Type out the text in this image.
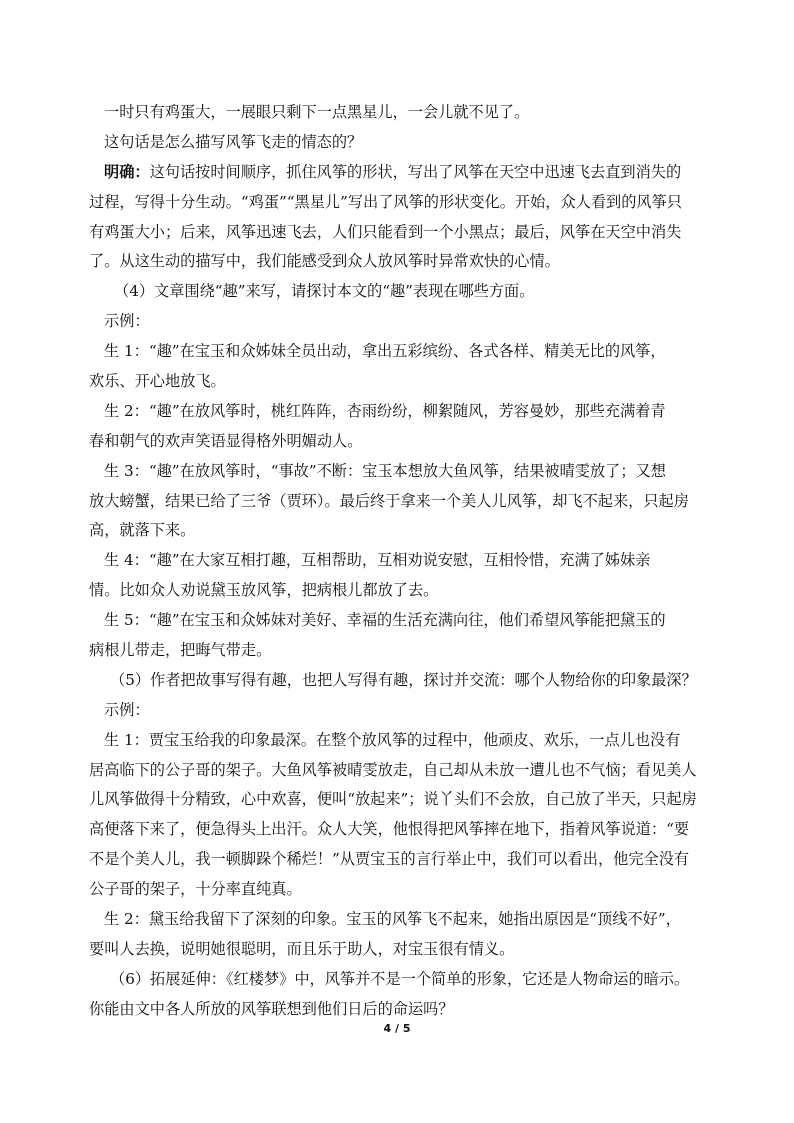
一时只有鸡蛋大，一展眼只剩下一点黑星儿，一会儿就不见了。
这句话是怎么描写风筝飞走的情态的？
明确：这句话按时间顺序，抓住风筝的形状，写出了风筝在天空中迅速飞去直到消失的
过程，写得十分生动。“鸡蛋”“黑星儿”写出了风筝的形状变化。开始，众人看到的风筝只
有鸡蛋大小；后来，风筝迅速飞去，人们只能看到一个小黑点；最后，风筝在天空中消失
了。从这生动的描写中，我们能感受到众人放风筝时异常欢快的心情。
（4）文章围绕“趣”来写，请探讨本文的“趣”表现在哪些方面。
示例：
生 1：“趣”在宝玉和众姊妹全员出动，拿出五彩缤纷、各式各样、精美无比的风筝，
欢乐、开心地放飞。
生 2：“趣”在放风筝时，桃红阵阵，杏雨纷纷，柳絮随风，芳容曼妙，那些充满着青
春和朝气的欢声笑语显得格外明媚动人。
生 3：“趣”在放风筝时，“事故”不断：宝玉本想放大鱼风筝，结果被晴雯放了；又想
放大螃蟹，结果已给了三爷（贾环）。最后终于拿来一个美人儿风筝，却飞不起来，只起房
高，就落下来。
生 4：“趣”在大家互相打趣，互相帮助，互相劝说安慰，互相怜惜，充满了姊妹亲
情。比如众人劝说黛玉放风筝，把病根儿都放了去。
生 5：“趣”在宝玉和众姊妹对美好、幸福的生活充满向往，他们希望风筝能把黛玉的
病根儿带走，把晦气带走。
（5）作者把故事写得有趣，也把人写得有趣，探讨并交流：哪个人物给你的印象最深？
示例：
生 1：贾宝玉给我的印象最深。在整个放风筝的过程中，他顽皮、欢乐，一点儿也没有
居高临下的公子哥的架子。大鱼风筝被晴雯放走，自己却从未放一遭儿也不气恼；看见美人
儿风筝做得十分精致，心中欢喜，便叫“放起来”；说丫头们不会放，自己放了半天，只起房
高便落下来了，便急得头上出汗。众人大笑，他恨得把风筝摔在地下，指着风筝说道：“要
不是个美人儿，我一顿脚跺个稀烂！”从贾宝玉的言行举止中，我们可以看出，他完全没有
公子哥的架子，十分率直纯真。
生 2：黛玉给我留下了深刻的印象。宝玉的风筝飞不起来，她指出原因是“顶线不好”，
要叫人去换，说明她很聪明，而且乐于助人，对宝玉很有情义。
（6）拓展延伸：《红楼梦》中，风筝并不是一个简单的形象，它还是人物命运的暗示。
你能由文中各人所放的风筝联想到他们日后的命运吗？
4 / 5
